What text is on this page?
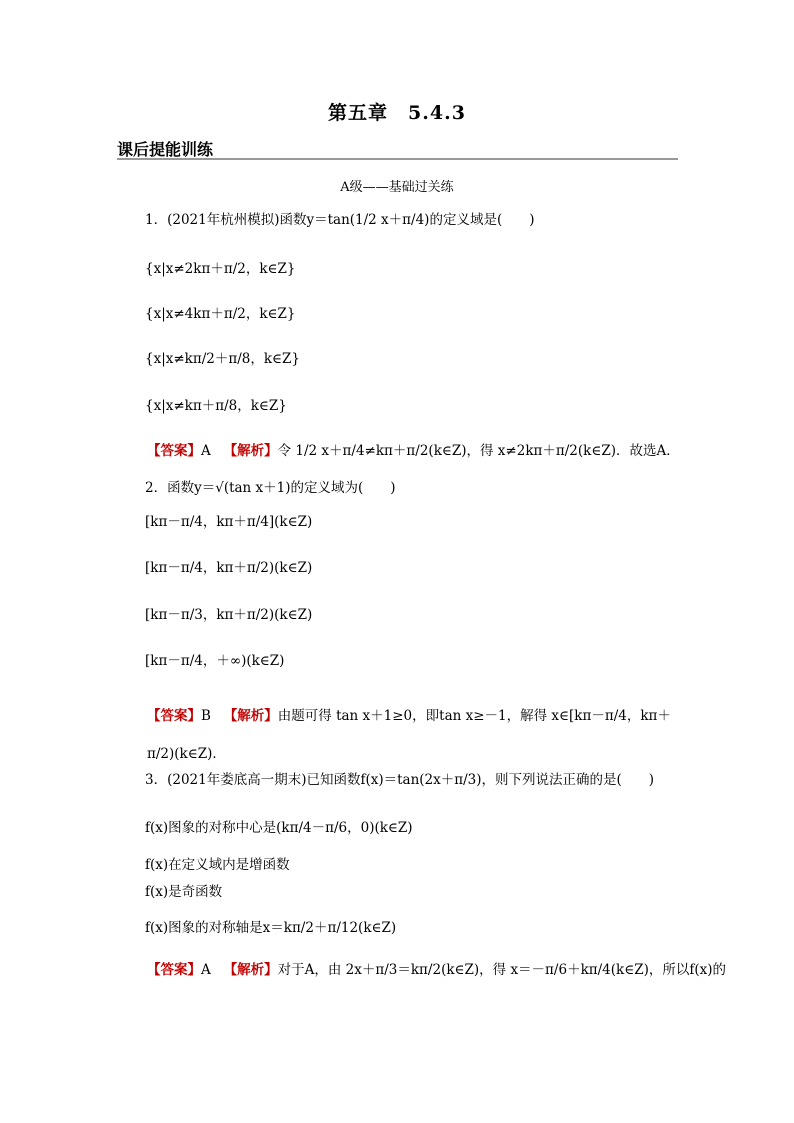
第五章　5.4.3
课后提能训练
A级——基础过关练
1．(2021年杭州模拟)函数y＝tan(1/2 x＋π/4)的定义域是(　　)
{x|x≠2kπ＋π/2，k∈Z}
{x|x≠4kπ＋π/2，k∈Z}
{x|x≠kπ/2＋π/8，k∈Z}
{x|x≠kπ＋π/8，k∈Z}
【答案】A 【解析】令 1/2 x＋π/4≠kπ＋π/2(k∈Z)，得 x≠2kπ＋π/2(k∈Z)．故选A．
2．函数y＝√(tan x＋1)的定义域为(　　)
[kπ－π/4，kπ＋π/4](k∈Z)
[kπ－π/4，kπ＋π/2)(k∈Z)
[kπ－π/3，kπ＋π/2)(k∈Z)
[kπ－π/4，＋∞)(k∈Z)
【答案】B 【解析】由题可得 tan x＋1≥0，即tan x≥－1，解得 x∈[kπ－π/4，kπ＋π/2)(k∈Z)．
3．(2021年娄底高一期末)已知函数f(x)＝tan(2x＋π/3)，则下列说法正确的是(　　)
f(x)图象的对称中心是(kπ/4－π/6，0)(k∈Z)
f(x)在定义域内是增函数
f(x)是奇函数
f(x)图象的对称轴是x＝kπ/2＋π/12(k∈Z)
【答案】A 【解析】对于A，由 2x＋π/3＝kπ/2(k∈Z)，得 x＝－π/6＋kπ/4(k∈Z)，所以f(x)的
